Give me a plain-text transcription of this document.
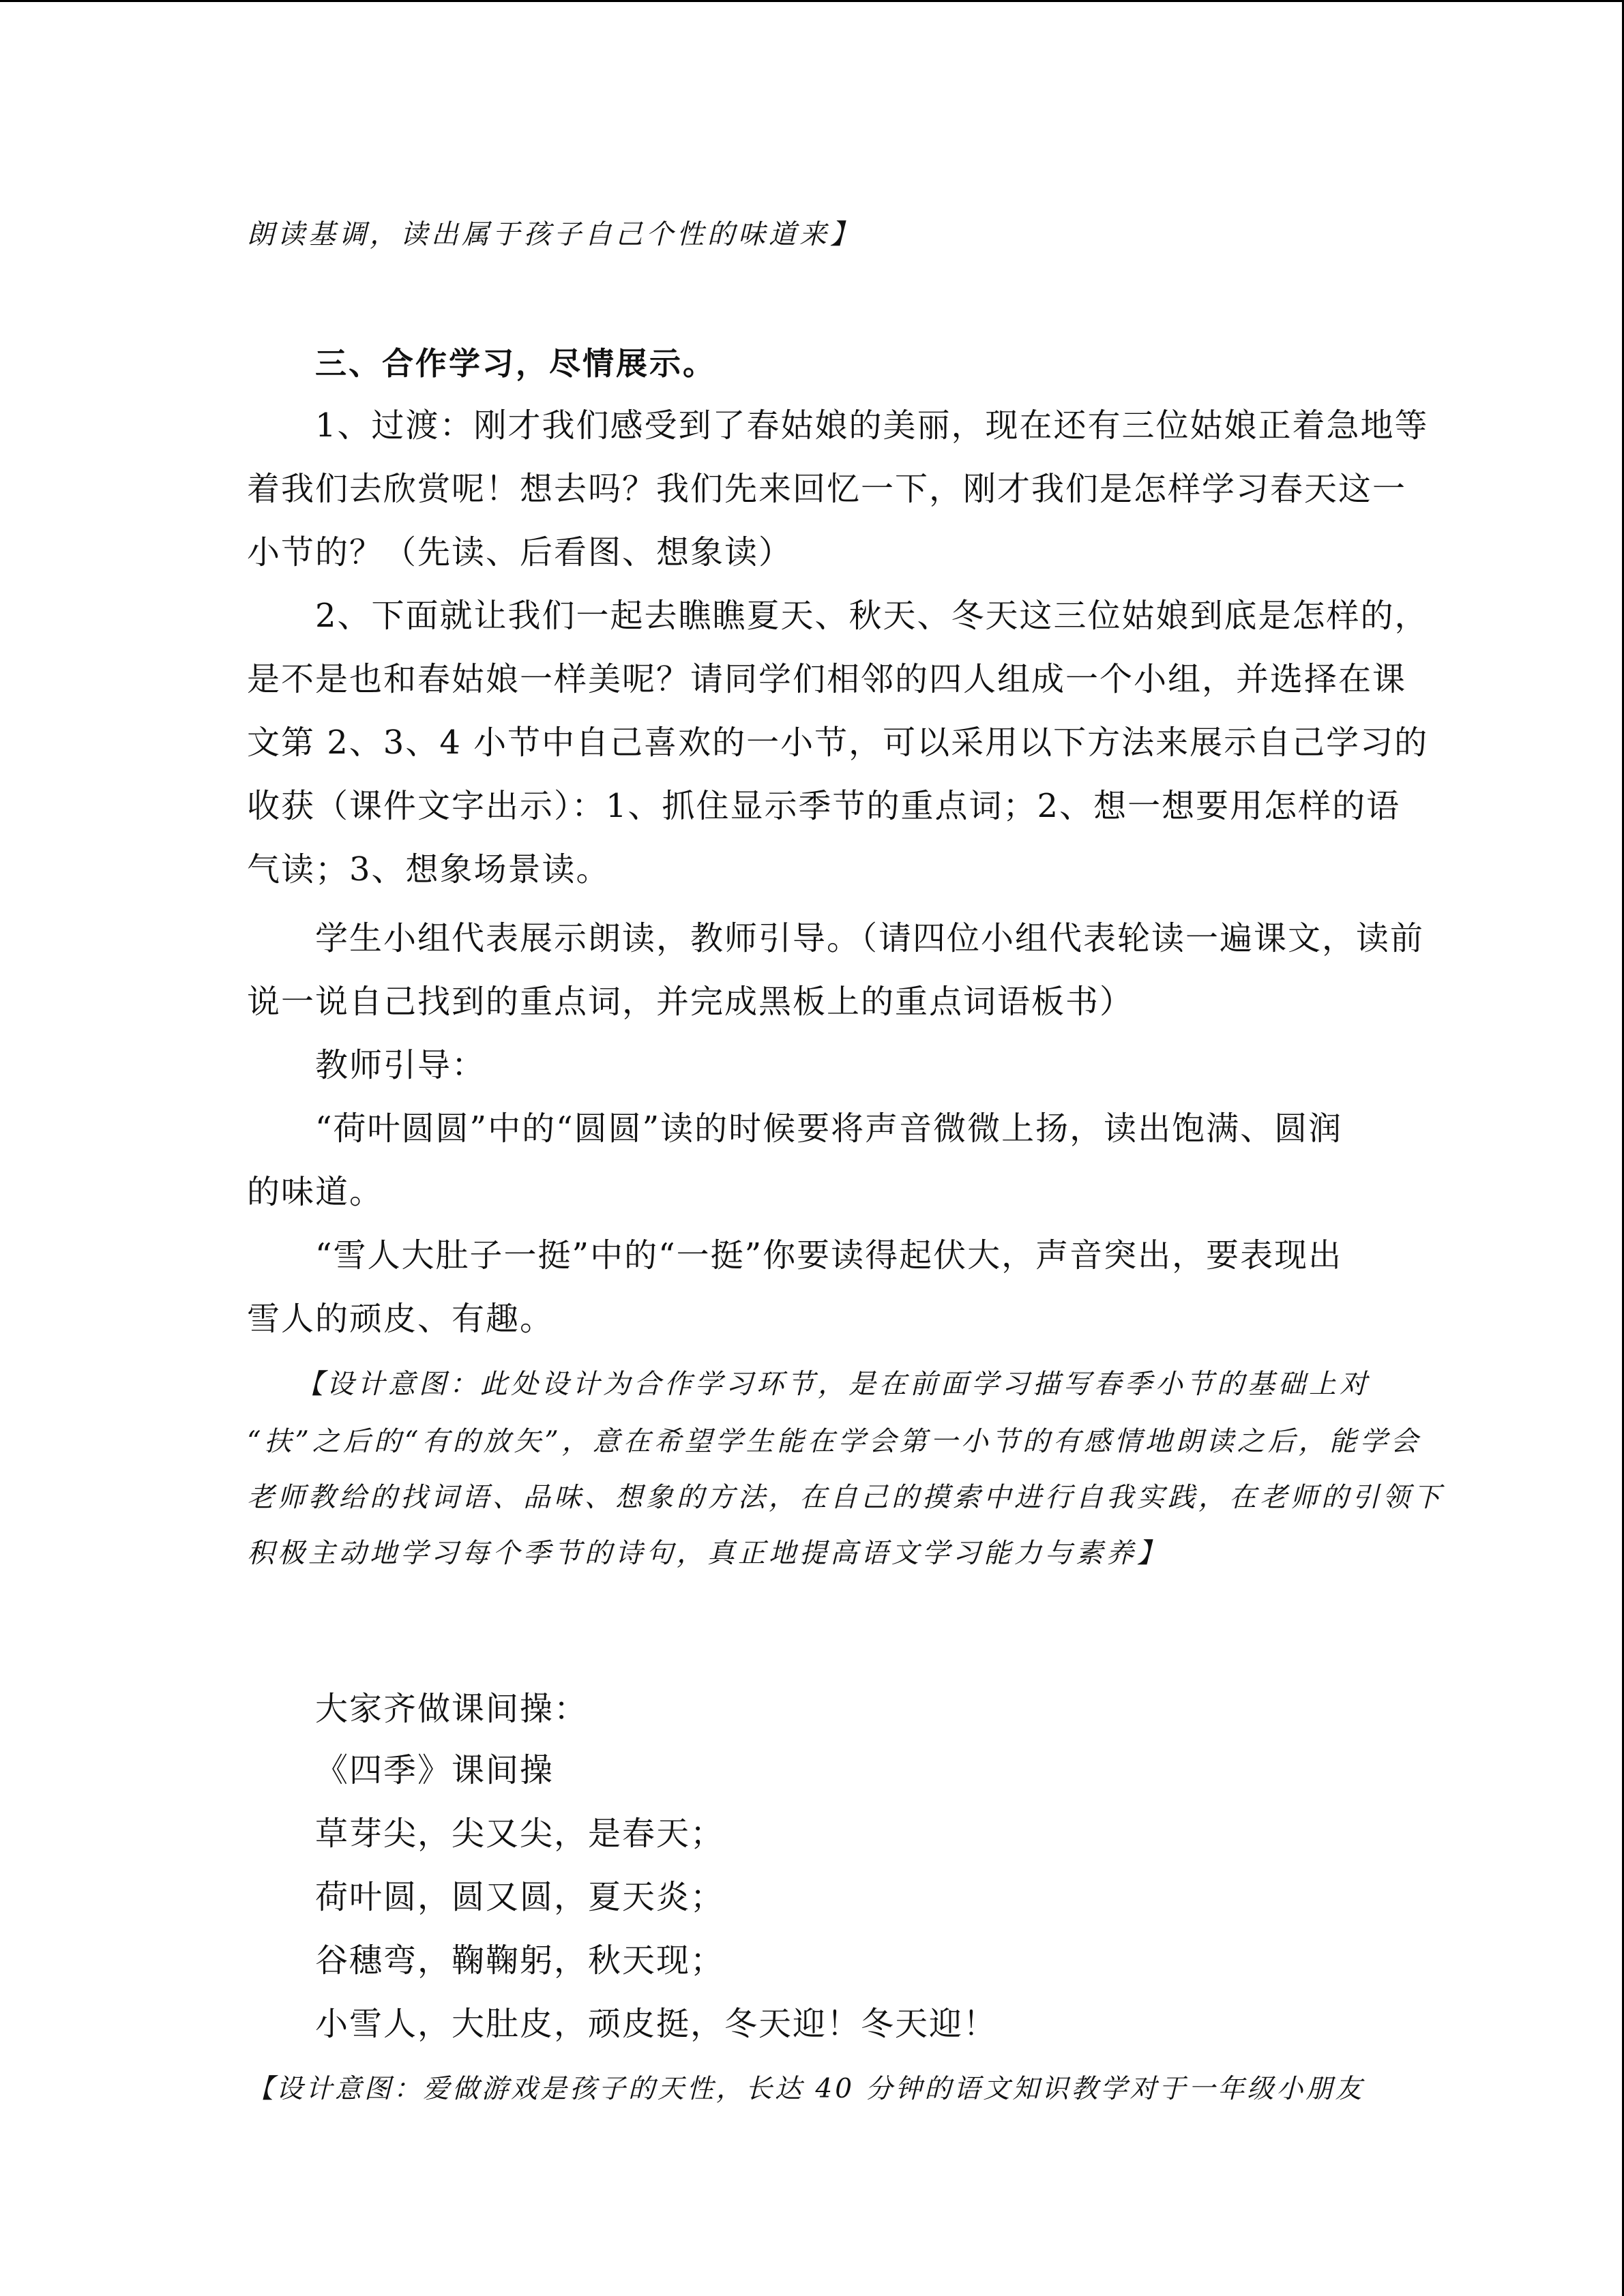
朗读基调，读出属于孩子自己个性的味道来】
三、合作学习，尽情展示。
1、过渡：刚才我们感受到了春姑娘的美丽，现在还有三位姑娘正着急地等
着我们去欣赏呢！想去吗？我们先来回忆一下，刚才我们是怎样学习春天这一
小节的？（先读、后看图、想象读）
2、下面就让我们一起去瞧瞧夏天、秋天、冬天这三位姑娘到底是怎样的，
是不是也和春姑娘一样美呢？请同学们相邻的四人组成一个小组，并选择在课
文第 2、3、4 小节中自己喜欢的一小节，可以采用以下方法来展示自己学习的
收获（课件文字出示）：1、抓住显示季节的重点词；2、想一想要用怎样的语
气读；3、想象场景读。
学生小组代表展示朗读，教师引导。（请四位小组代表轮读一遍课文，读前
说一说自己找到的重点词，并完成黑板上的重点词语板书）
教师引导：
“荷叶圆圆”中的“圆圆”读的时候要将声音微微上扬，读出饱满、圆润
的味道。
“雪人大肚子一挺”中的“一挺”你要读得起伏大，声音突出，要表现出
雪人的顽皮、有趣。
【设计意图：此处设计为合作学习环节，是在前面学习描写春季小节的基础上对
“扶”之后的“有的放矢”，意在希望学生能在学会第一小节的有感情地朗读之后，能学会
老师教给的找词语、品味、想象的方法，在自己的摸索中进行自我实践，在老师的引领下
积极主动地学习每个季节的诗句，真正地提高语文学习能力与素养】
大家齐做课间操：
《四季》课间操
草芽尖，尖又尖，是春天；
荷叶圆，圆又圆，夏天炎；
谷穗弯，鞠鞠躬，秋天现；
小雪人，大肚皮，顽皮挺，冬天迎！冬天迎！
【设计意图：爱做游戏是孩子的天性，长达 40 分钟的语文知识教学对于一年级小朋友
